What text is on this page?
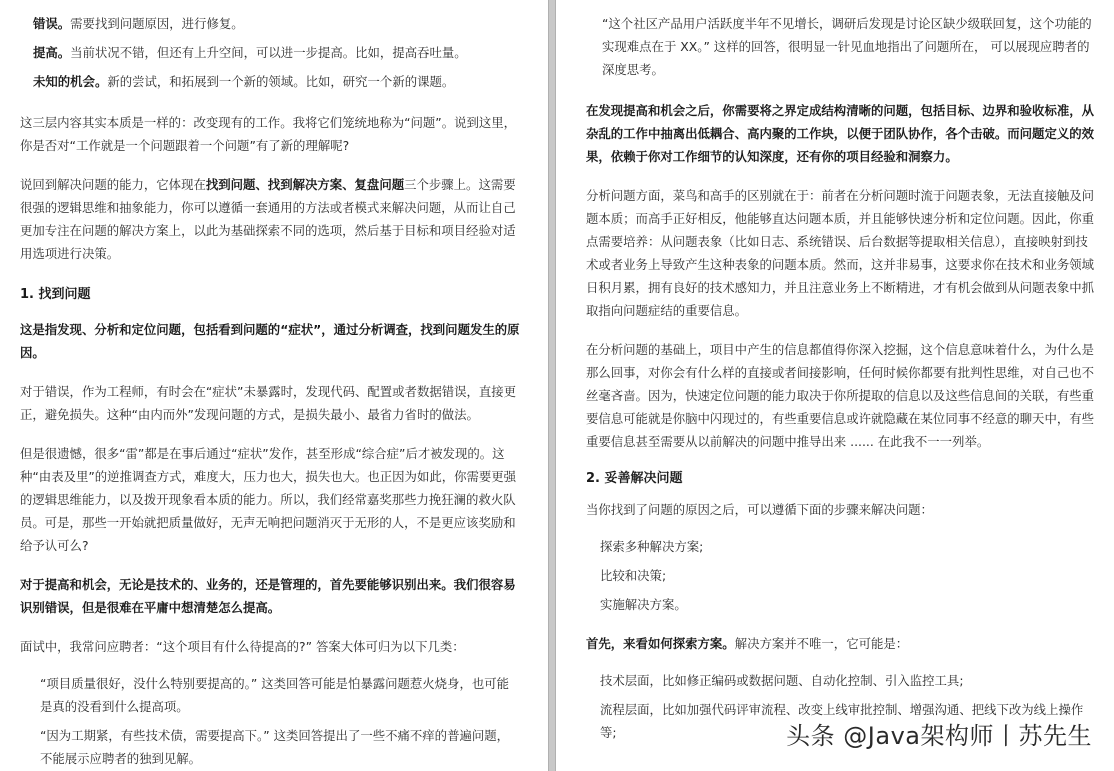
错误。需要找到问题原因，进行修复。

提高。当前状况不错，但还有上升空间，可以进一步提高。比如，提高吞吐量。

未知的机会。新的尝试，和拓展到一个新的领域。比如，研究一个新的课题。

这三层内容其实本质是一样的：改变现有的工作。我将它们笼统地称为“问题”。说到这里，你是否对“工作就是一个问题跟着一个问题”有了新的理解呢?

说回到解决问题的能力，它体现在找到问题、找到解决方案、复盘问题三个步骤上。这需要很强的逻辑思维和抽象能力，你可以遵循一套通用的方法或者模式来解决问题，从而让自己更加专注在问题的解决方案上，以此为基础探索不同的选项，然后基于目标和项目经验对适用选项进行决策。

1. 找到问题

这是指发现、分析和定位问题，包括看到问题的“症状”，通过分析调查，找到问题发生的原因。

对于错误，作为工程师，有时会在“症状”未暴露时，发现代码、配置或者数据错误，直接更正，避免损失。这种“由内而外”发现问题的方式，是损失最小、最省力省时的做法。

但是很遗憾，很多“雷”都是在事后通过“症状”发作，甚至形成“综合症”后才被发现的。这种“由表及里”的逆推调查方式，难度大，压力也大，损失也大。也正因为如此，你需要更强的逻辑思维能力，以及拨开现象看本质的能力。所以，我们经常嘉奖那些力挽狂澜的救火队员。可是，那些一开始就把质量做好，无声无响把问题消灭于无形的人，不是更应该奖励和给予认可么?

对于提高和机会，无论是技术的、业务的，还是管理的，首先要能够识别出来。我们很容易识别错误，但是很难在平庸中想清楚怎么提高。

面试中，我常问应聘者：“这个项目有什么待提高的?” 答案大体可归为以下几类：

“项目质量很好，没什么特别要提高的。” 这类回答可能是怕暴露问题惹火烧身，也可能是真的没看到什么提高项。

“因为工期紧，有些技术债，需要提高下。” 这类回答提出了一些不痛不痒的普遍问题，不能展示应聘者的独到见解。

“这个社区产品用户活跃度半年不见增长，调研后发现是讨论区缺少级联回复，这个功能的实现难点在于 XX。” 这样的回答，很明显一针见血地指出了问题所在， 可以展现应聘者的深度思考。

在发现提高和机会之后，你需要将之界定成结构清晰的问题，包括目标、边界和验收标准，从杂乱的工作中抽离出低耦合、高内聚的工作块，以便于团队协作，各个击破。而问题定义的效果，依赖于你对工作细节的认知深度，还有你的项目经验和洞察力。

分析问题方面，菜鸟和高手的区别就在于：前者在分析问题时流于问题表象，无法直接触及问题本质；而高手正好相反，他能够直达问题本质，并且能够快速分析和定位问题。因此，你重点需要培养：从问题表象（比如日志、系统错误、后台数据等提取相关信息），直接映射到技术或者业务上导致产生这种表象的问题本质。然而，这并非易事，这要求你在技术和业务领域日积月累，拥有良好的技术感知力，并且注意业务上不断精进，才有机会做到从问题表象中抓取指向问题症结的重要信息。

在分析问题的基础上，项目中产生的信息都值得你深入挖掘，这个信息意味着什么，为什么是那么回事，对你会有什么样的直接或者间接影响，任何时候你都要有批判性思维，对自己也不丝毫吝啬。因为，快速定位问题的能力取决于你所提取的信息以及这些信息间的关联，有些重要信息可能就是你脑中闪现过的，有些重要信息或许就隐藏在某位同事不经意的聊天中，有些重要信息甚至需要从以前解决的问题中推导出来 ...... 在此我不一一列举。

2. 妥善解决问题

当你找到了问题的原因之后，可以遵循下面的步骤来解决问题：

探索多种解决方案;

比较和决策;

实施解决方案。

首先，来看如何探索方案。解决方案并不唯一，它可能是：

技术层面，比如修正编码或数据问题、自动化控制、引入监控工具;

流程层面，比如加强代码评审流程、改变上线审批控制、增强沟通、把线下改为线上操作等;	头条 @Java架构师丨苏先生
